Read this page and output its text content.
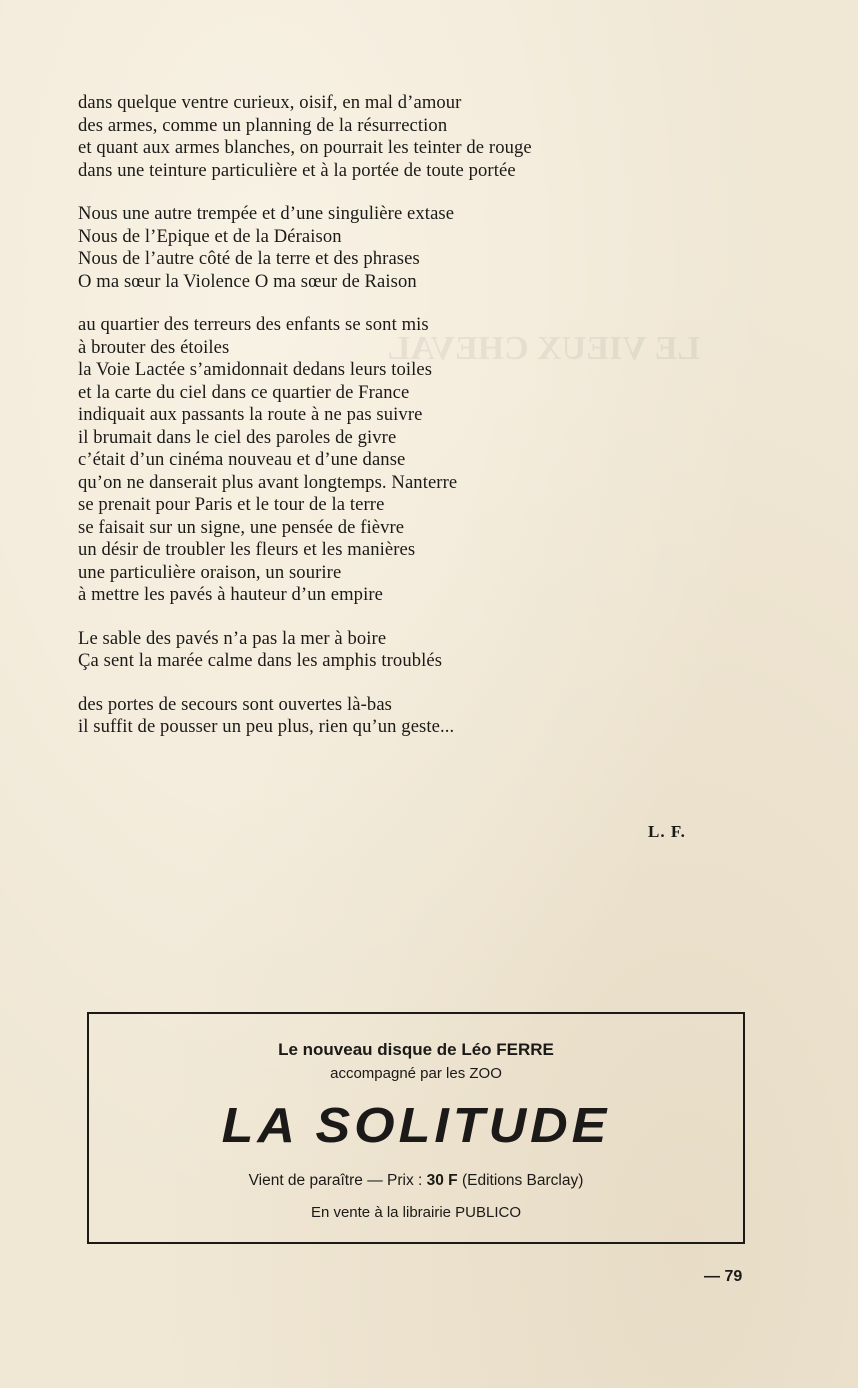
LE VIEUX CHEVAL
dans quelque ventre curieux, oisif, en mal d’amour
des armes, comme un planning de la résurrection
et quant aux armes blanches, on pourrait les teinter de rouge
dans une teinture particulière et à la portée de toute portée
Nous une autre trempée et d’une singulière extase
Nous de l’Epique et de la Déraison
Nous de l’autre côté de la terre et des phrases
O ma sœur la Violence O ma sœur de Raison
au quartier des terreurs des enfants se sont mis
à brouter des étoiles
la Voie Lactée s’amidonnait dedans leurs toiles
et la carte du ciel dans ce quartier de France
indiquait aux passants la route à ne pas suivre
il brumait dans le ciel des paroles de givre
c’était d’un cinéma nouveau et d’une danse
qu’on ne danserait plus avant longtemps. Nanterre
se prenait pour Paris et le tour de la terre
se faisait sur un signe, une pensée de fièvre
un désir de troubler les fleurs et les manières
une particulière oraison, un sourire
à mettre les pavés à hauteur d’un empire
Le sable des pavés n’a pas la mer à boire
Ça sent la marée calme dans les amphis troublés
des portes de secours sont ouvertes là-bas
il suffit de pousser un peu plus, rien qu’un geste...
L. F.
Le nouveau disque de Léo FERRE
accompagné par les ZOO
LA SOLITUDE
Vient de paraître — Prix : 30 F (Editions Barclay)
En vente à la librairie PUBLICO
— 79
